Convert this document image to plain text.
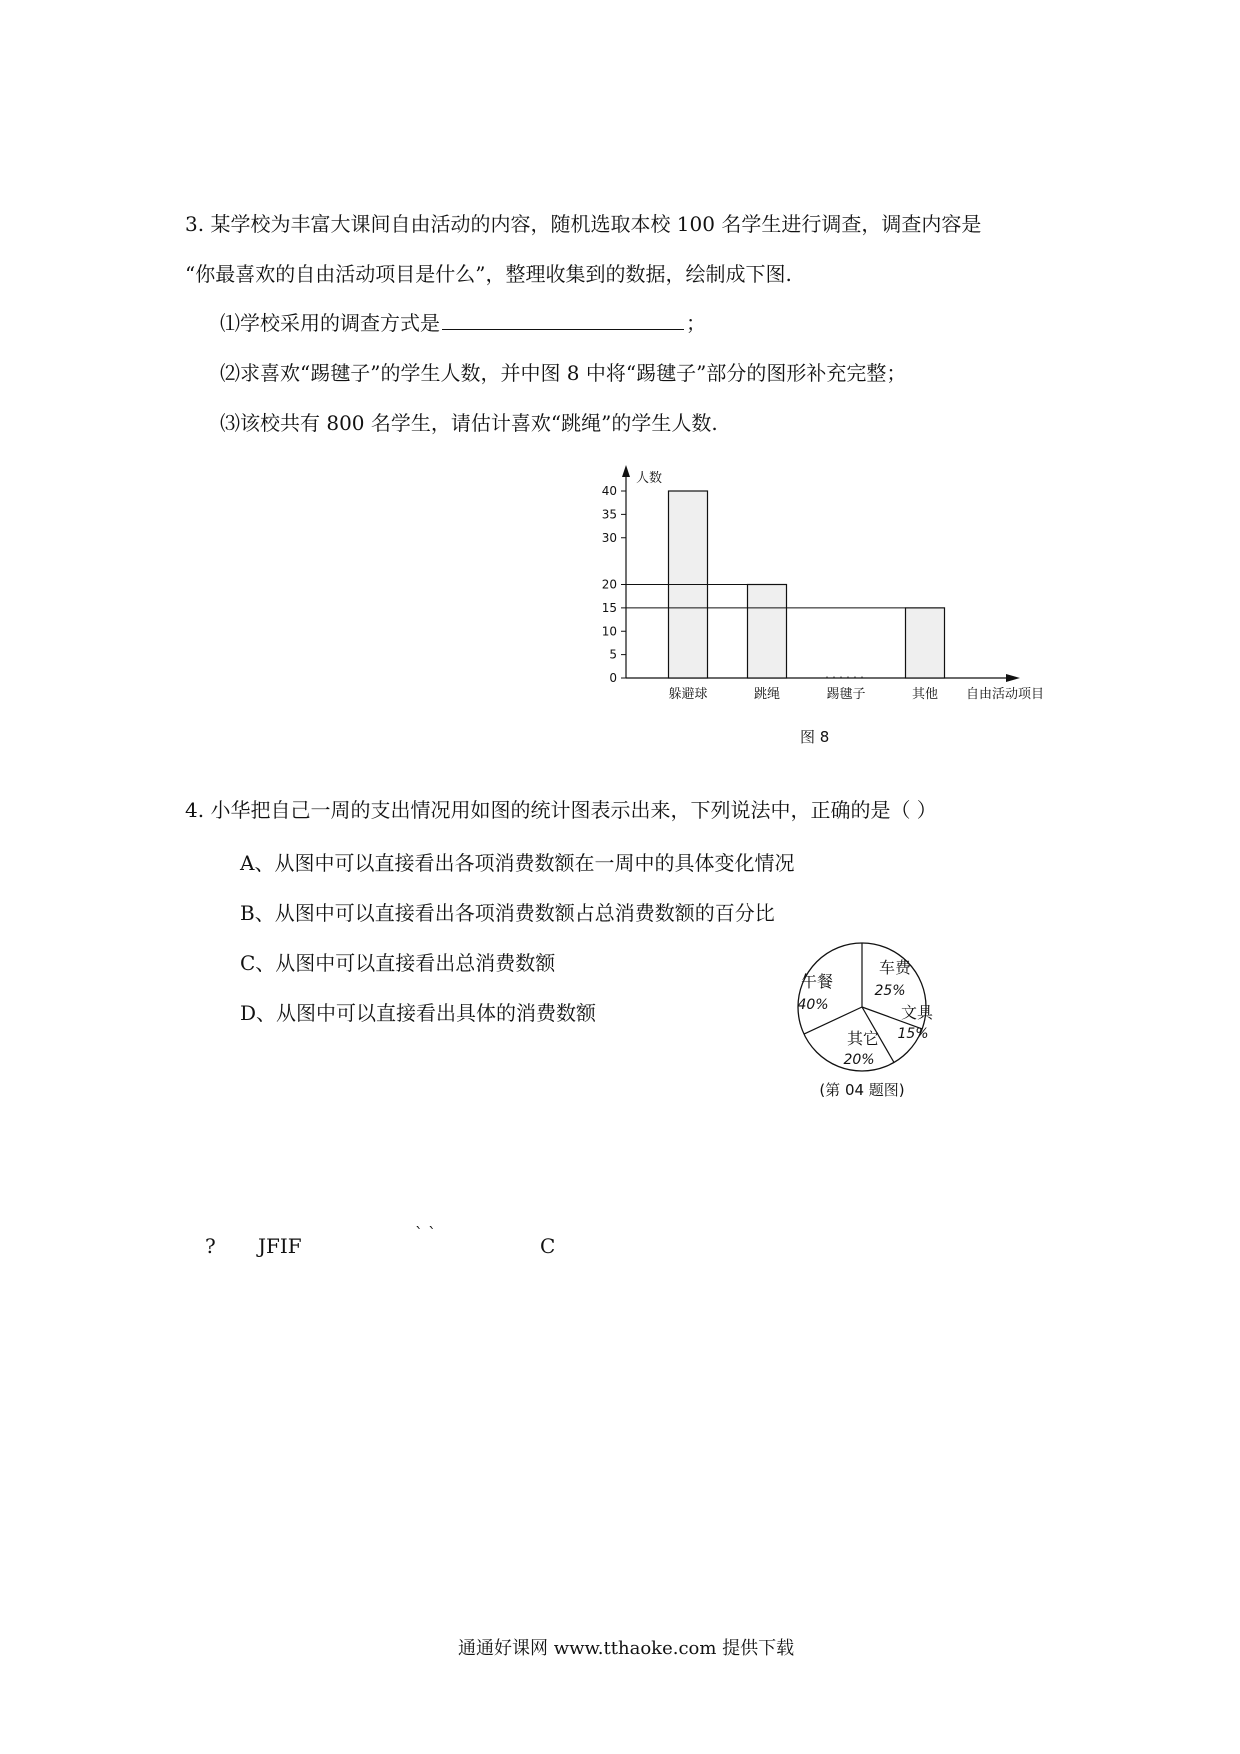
3. 某学校为丰富大课间自由活动的内容，随机选取本校 100 名学生进行调查，调查内容是
“你最喜欢的自由活动项目是什么”，整理收集到的数据，绘制成下图.
⑴学校采用的调查方式是	；
⑵求喜欢“踢毽子”的学生人数，并中图 8 中将“踢毽子”部分的图形补充完整；
⑶该校共有 800 名学生，请估计喜欢“跳绳”的学生人数.
0
5
10
15
20
30
35
40
躲避球	跳绳	踢毽子	其他
人数
自由活动项目
图 8
4. 小华把自己一周的支出情况用如图的统计图表示出来，下列说法中，正确的是（ ）
A、从图中可以直接看出各项消费数额在一周中的具体变化情况
B、从图中可以直接看出各项消费数额占总消费数额的百分比
C、从图中可以直接看出总消费数额
D、从图中可以直接看出具体的消费数额
车费
25%
文具
15%
其它
20%
午餐
40%
(第 04 题图)
? JFIF
` `
C
通通好课网 www.tthaoke.com 提供下载
